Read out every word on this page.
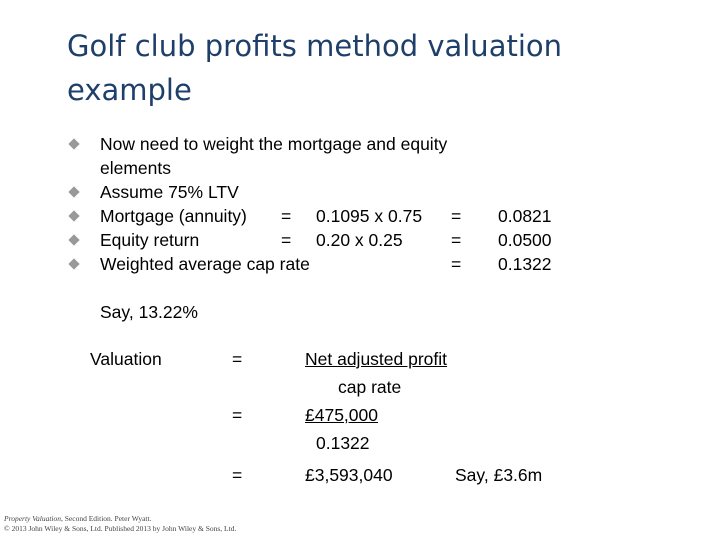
Golf club profits method valuation example
Now need to weight the mortgage and equity
elements
Assume 75% LTV
Mortgage (annuity) = 0.1095 x 0.75 = 0.0821
Equity return	= 0.20 x 0.25	= 0.0500
Weighted average cap rate	= 0.1322
Say, 13.22%
Valuation	=	Net adjusted profit
cap rate
=	£475,000
0.1322
=	£3,593,040	Say, £3.6m
Property Valuation, Second Edition. Peter Wyatt.
© 2013 John Wiley & Sons, Ltd. Published 2013 by John Wiley & Sons, Ltd.
